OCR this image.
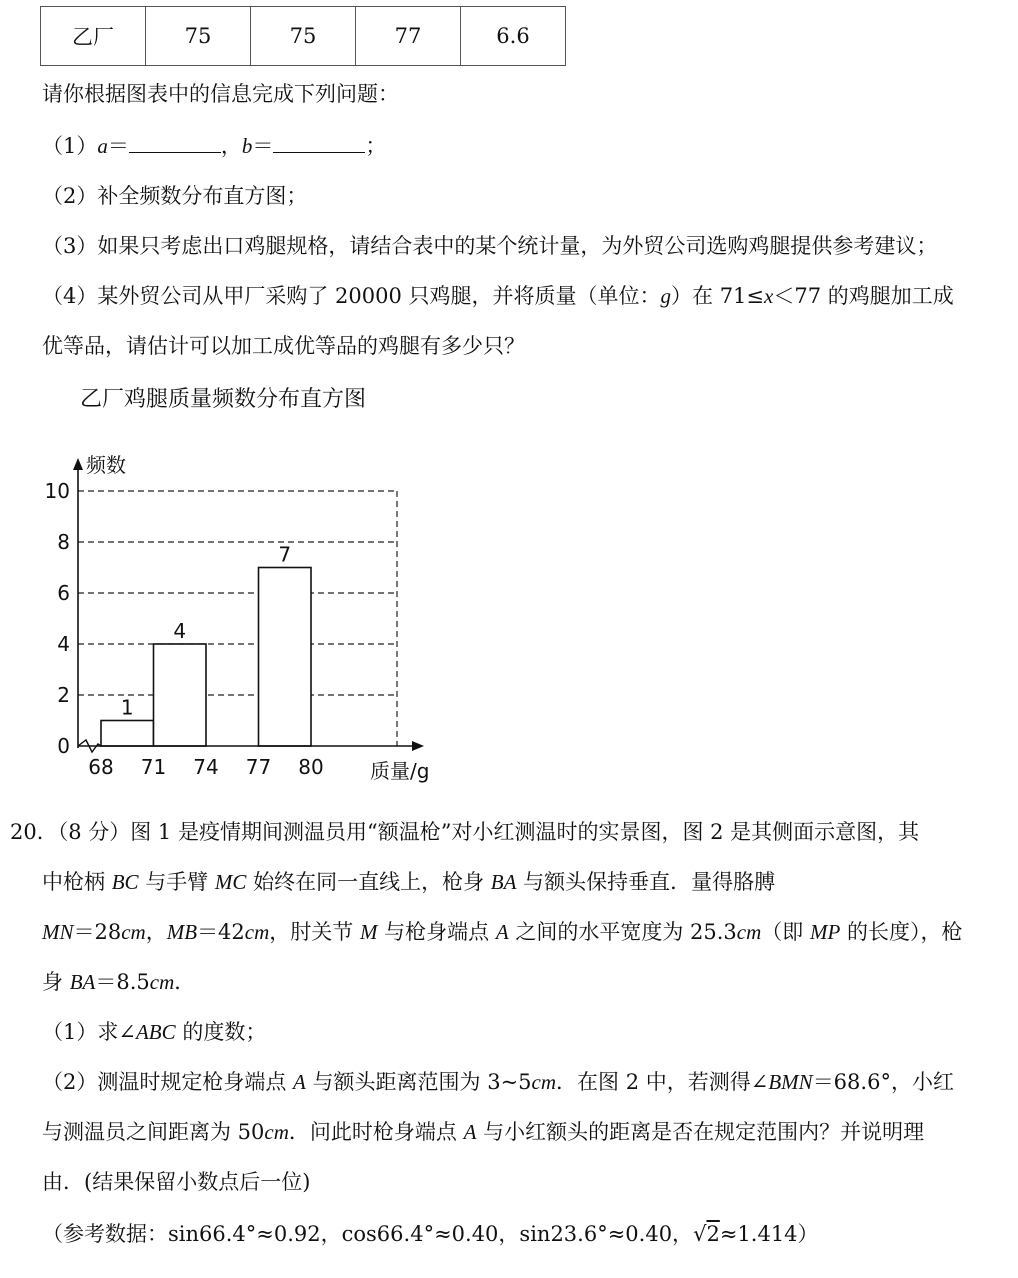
乙厂	75	75	77	6.6
请你根据图表中的信息完成下列问题：
（1）a＝	，b＝	；
（2）补全频数分布直方图；
（3）如果只考虑出口鸡腿规格，请结合表中的某个统计量，为外贸公司选购鸡腿提供参考建议；
（4）某外贸公司从甲厂采购了 20000 只鸡腿，并将质量（单位：g）在 71≤x＜77 的鸡腿加工成
优等品，请估计可以加工成优等品的鸡腿有多少只？
乙厂鸡腿质量频数分布直方图
1
4
7
0
2
4
6
8
10
68 71 74 77 80
频数
质量/g
20．（8 分）图 1 是疫情期间测温员用“额温枪”对小红测温时的实景图，图 2 是其侧面示意图，其
中枪柄 BC 与手臂 MC 始终在同一直线上，枪身 BA 与额头保持垂直．量得胳膊
MN＝28cm，MB＝42cm，肘关节 M 与枪身端点 A 之间的水平宽度为 25.3cm（即 MP 的长度），枪
身 BA＝8.5cm．
（1）求∠ABC 的度数；
（2）测温时规定枪身端点 A 与额头距离范围为 3~5cm．在图 2 中，若测得∠BMN＝68.6°，小红
与测温员之间距离为 50cm．问此时枪身端点 A 与小红额头的距离是否在规定范围内？并说明理
由．(结果保留小数点后一位)
（参考数据：sin66.4°≈0.92，cos66.4°≈0.40，sin23.6°≈0.40，√2≈1.414）
